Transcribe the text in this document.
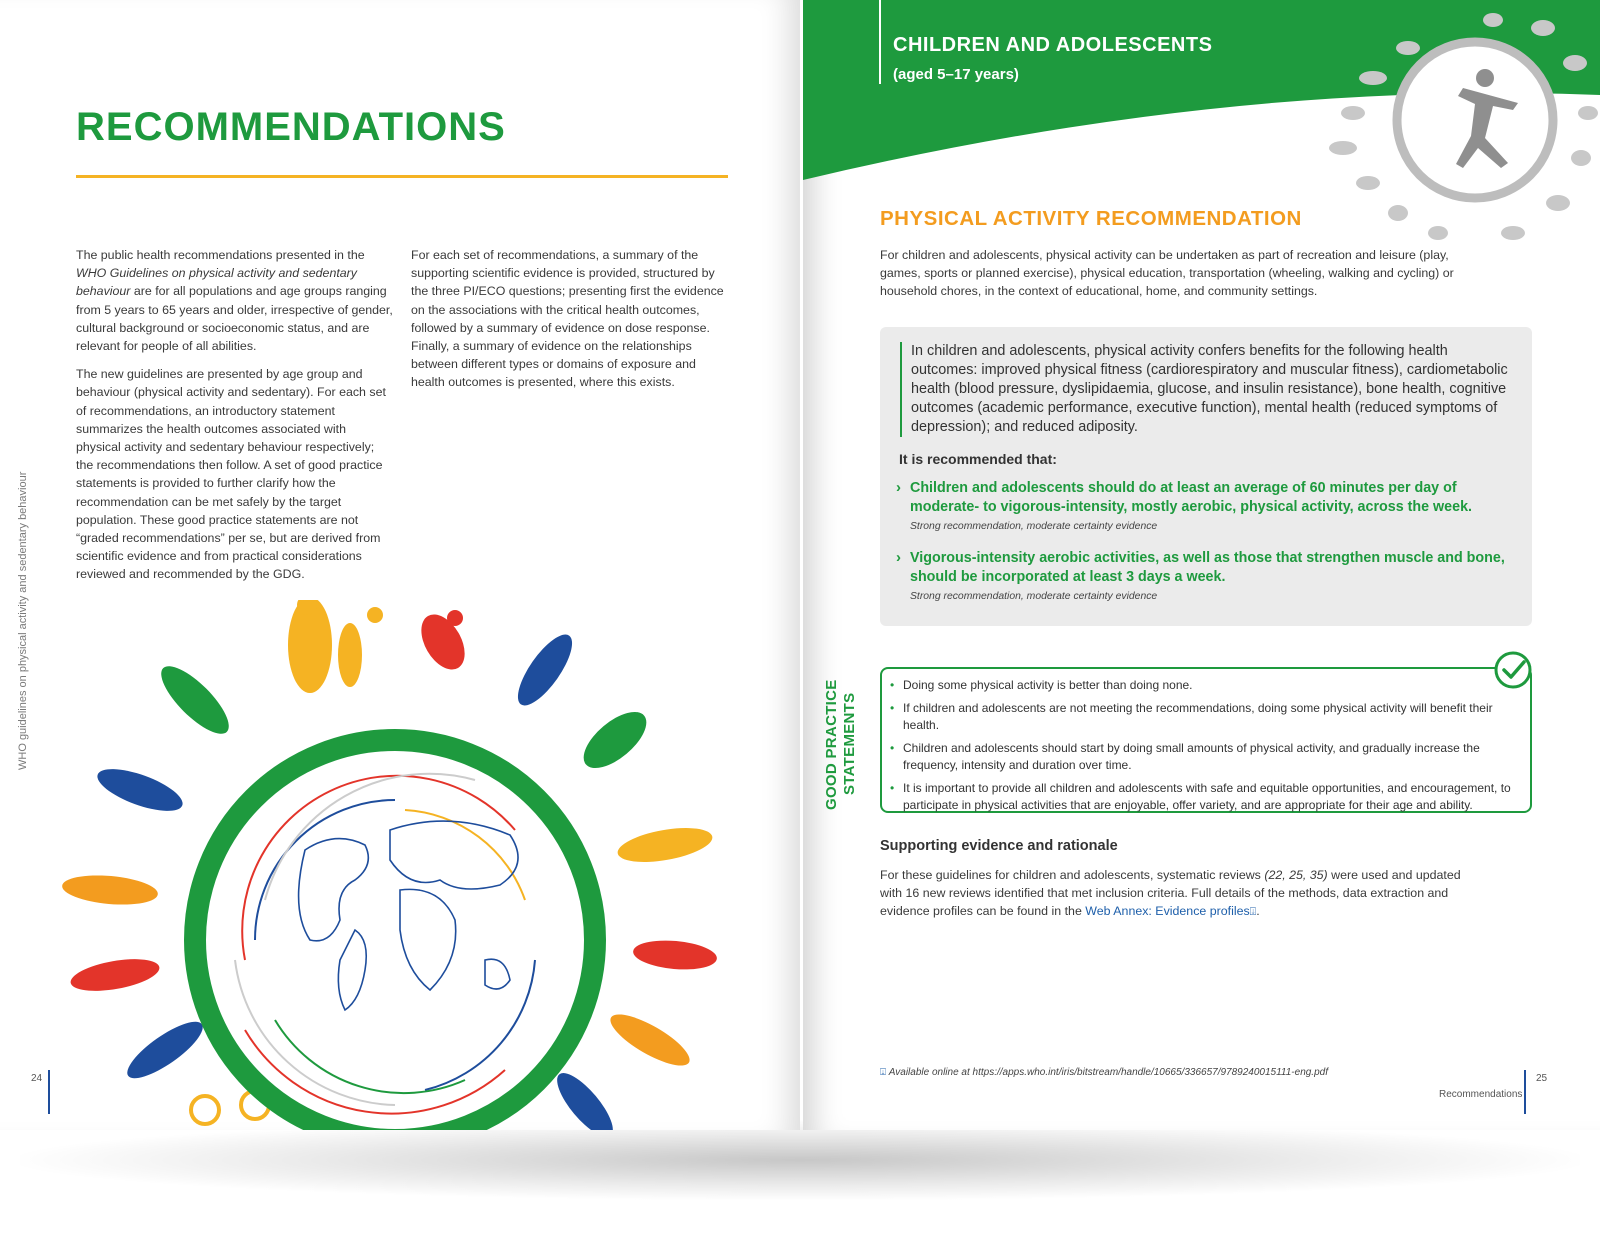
RECOMMENDATIONS

The public health recommendations presented in the WHO Guidelines on physical activity and sedentary behaviour are for all populations and age groups ranging from 5 years to 65 years and older, irrespective of gender, cultural background or socioeconomic status, and are relevant for people of all abilities.

The new guidelines are presented by age group and behaviour (physical activity and sedentary). For each set of recommendations, an introductory statement summarizes the health outcomes associated with physical activity and sedentary behaviour respectively; the recommendations then follow. A set of good practice statements is provided to further clarify how the recommendation can be met safely by the target population. These good practice statements are not “graded recommendations” per se, but are derived from scientific evidence and from practical considerations reviewed and recommended by the GDG.

For each set of recommendations, a summary of the supporting scientific evidence is provided, structured by the three PI/ECO questions; presenting first the evidence on the associations with the critical health outcomes, followed by a summary of evidence on dose response. Finally, a summary of evidence on the relationships between different types or domains of exposure and health outcomes is presented, where this exists.

WHO guidelines on physical activity and sedentary behaviour
24
CHILDREN AND ADOLESCENTS
(aged 5–17 years)
PHYSICAL ACTIVITY RECOMMENDATION
For children and adolescents, physical activity can be undertaken as part of recreation and leisure (play, games, sports or planned exercise), physical education, transportation (wheeling, walking and cycling) or household chores, in the context of educational, home, and community settings.
In children and adolescents, physical activity confers benefits for the following health outcomes: improved physical fitness (cardiorespiratory and muscular fitness), cardiometabolic health (blood pressure, dyslipidaemia, glucose, and insulin resistance), bone health, cognitive outcomes (academic performance, executive function), mental health (reduced symptoms of depression); and reduced adiposity.
It is recommended that:
› Children and adolescents should do at least an average of 60 minutes per day of moderate- to vigorous-intensity, mostly aerobic, physical activity, across the week.
Strong recommendation, moderate certainty evidence
› Vigorous-intensity aerobic activities, as well as those that strengthen muscle and bone, should be incorporated at least 3 days a week.
Strong recommendation, moderate certainty evidence
GOOD PRACTICE STATEMENTS
• Doing some physical activity is better than doing none.
• If children and adolescents are not meeting the recommendations, doing some physical activity will benefit their health.
• Children and adolescents should start by doing small amounts of physical activity, and gradually increase the frequency, intensity and duration over time.
• It is important to provide all children and adolescents with safe and equitable opportunities, and encouragement, to participate in physical activities that are enjoyable, offer variety, and are appropriate for their age and ability.
Supporting evidence and rationale
For these guidelines for children and adolescents, systematic reviews (22, 25, 35) were used and updated with 16 new reviews identified that met inclusion criteria. Full details of the methods, data extraction and evidence profiles can be found in the Web Annex: Evidence profiles⍗.
⍗ Available online at https://apps.who.int/iris/bitstream/handle/10665/336657/9789240015111-eng.pdf
Recommendations
25
